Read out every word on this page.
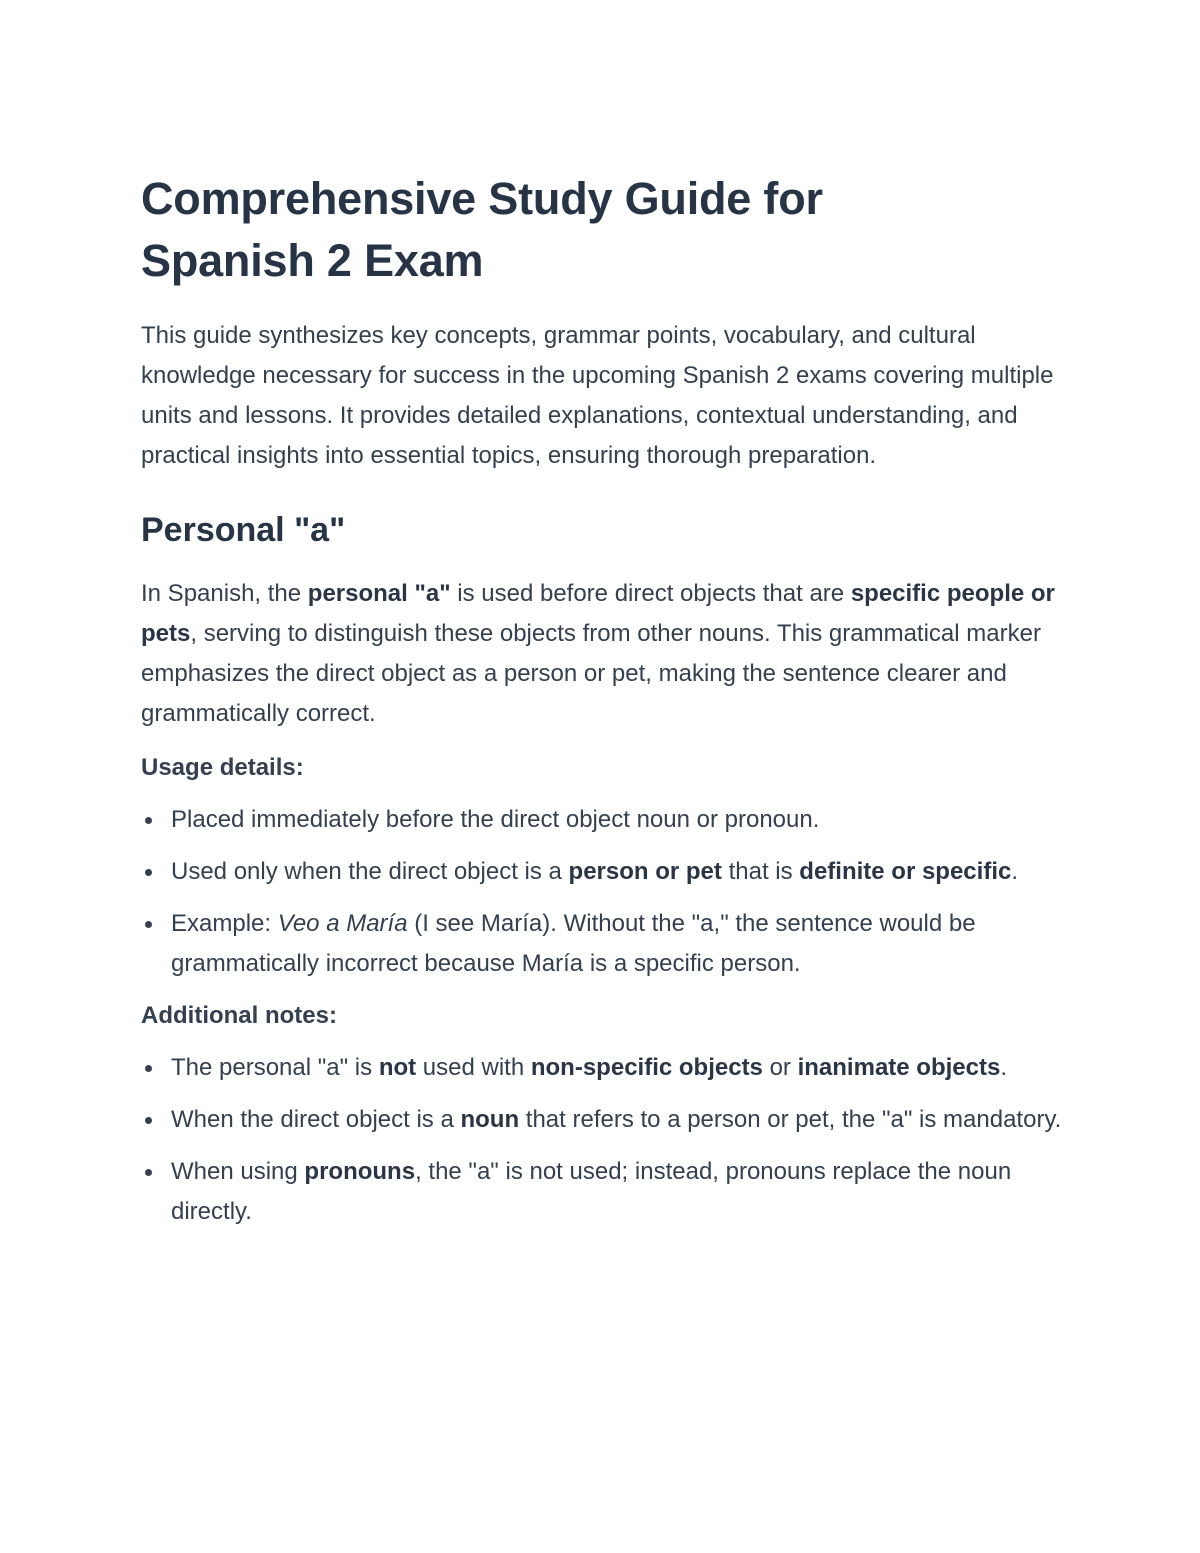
Comprehensive Study Guide for
Spanish 2 Exam

This guide synthesizes key concepts, grammar points, vocabulary, and cultural knowledge necessary for success in the upcoming Spanish 2 exams covering multiple units and lessons. It provides detailed explanations, contextual understanding, and practical insights into essential topics, ensuring thorough preparation.

Personal "a"

In Spanish, the personal "a" is used before direct objects that are specific people or pets, serving to distinguish these objects from other nouns. This grammatical marker emphasizes the direct object as a person or pet, making the sentence clearer and grammatically correct.

Usage details:

Placed immediately before the direct object noun or pronoun.
Used only when the direct object is a person or pet that is definite or specific.
Example: Veo a María (I see María). Without the "a," the sentence would be grammatically incorrect because María is a specific person.

Additional notes:

The personal "a" is not used with non-specific objects or inanimate objects.
When the direct object is a noun that refers to a person or pet, the "a" is mandatory.
When using pronouns, the "a" is not used; instead, pronouns replace the noun directly.
